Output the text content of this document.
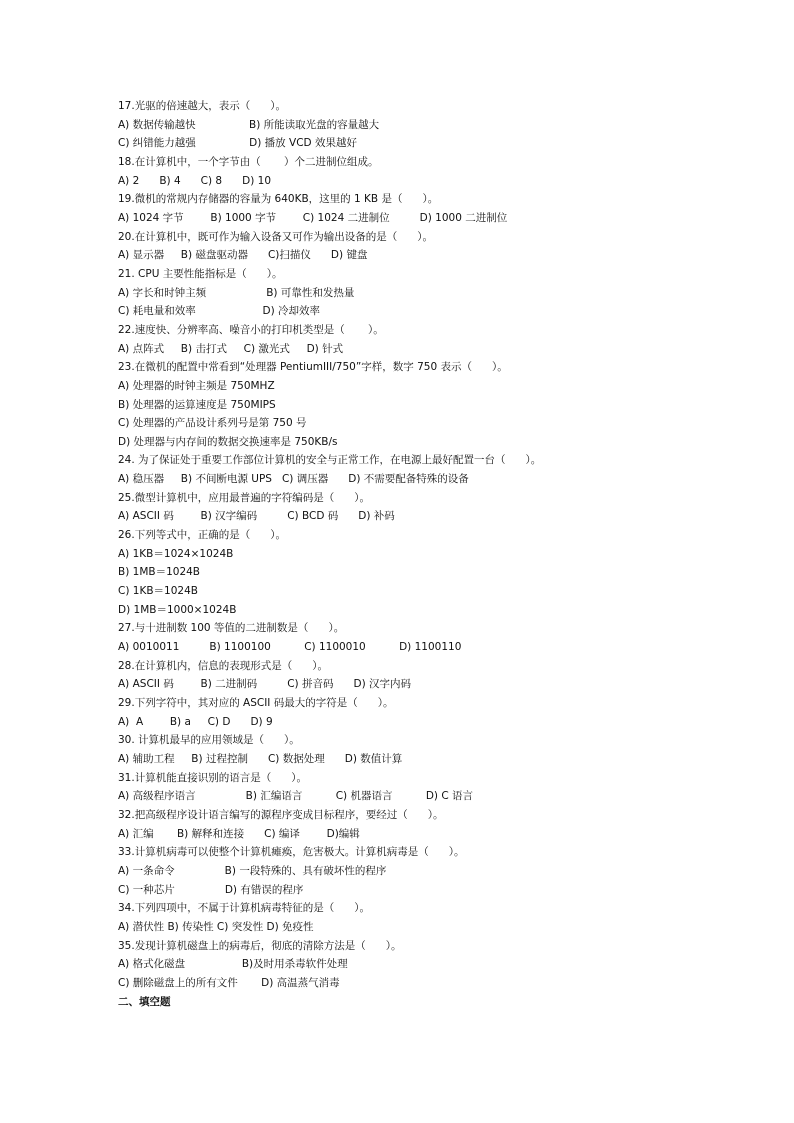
17.光驱的倍速越大，表示（      ）。
A) 数据传输越快                B) 所能读取光盘的容量越大
C) 纠错能力越强                D) 播放 VCD 效果越好
18.在计算机中，一个字节由（       ）个二进制位组成。
A) 2      B) 4      C) 8      D) 10
19.微机的常规内存储器的容量为 640KB，这里的 1 KB 是（      ）。
A) 1024 字节        B) 1000 字节        C) 1024 二进制位         D) 1000 二进制位
20.在计算机中，既可作为输入设备又可作为输出设备的是（      ）。
A) 显示器     B) 磁盘驱动器      C)扫描仪      D) 键盘
21. CPU 主要性能指标是（      ）。
A) 字长和时钟主频                  B) 可靠性和发热量
C) 耗电量和效率                    D) 冷却效率
22.速度快、分辨率高、噪音小的打印机类型是（       ）。
A) 点阵式     B) 击打式     C) 激光式     D) 针式
23.在微机的配置中常看到“处理器 PentiumIII/750”字样，数字 750 表示（      ）。
A) 处理器的时钟主频是 750MHZ
B) 处理器的运算速度是 750MIPS
C) 处理器的产品设计系列号是第 750 号
D) 处理器与内存间的数据交换速率是 750KB/s
24. 为了保证处于重要工作部位计算机的安全与正常工作，在电源上最好配置一台（      ）。
A) 稳压器     B) 不间断电源 UPS   C) 调压器      D) 不需要配备特殊的设备
25.微型计算机中，应用最普遍的字符编码是（      ）。
A) ASCII 码        B) 汉字编码         C) BCD 码      D) 补码
26.下列等式中，正确的是（      ）。
A) 1KB＝1024×1024B
B) 1MB＝1024B
C) 1KB＝1024B
D) 1MB＝1000×1024B
27.与十进制数 100 等值的二进制数是（      ）。
A) 0010011         B) 1100100          C) 1100010          D) 1100110
28.在计算机内，信息的表现形式是（      ）。
A) ASCII 码        B) 二进制码         C) 拼音码      D) 汉字内码
29.下列字符中，其对应的 ASCII 码最大的字符是（      ）。
A)  A        B) a     C) D      D) 9
30. 计算机最早的应用领域是（      ）。
A) 辅助工程     B) 过程控制      C) 数据处理      D) 数值计算
31.计算机能直接识别的语言是（      ）。
A) 高级程序语言               B) 汇编语言          C) 机器语言          D) C 语言
32.把高级程序设计语言编写的源程序变成目标程序，要经过（      ）。
A) 汇编       B) 解释和连接      C) 编译        D)编辑
33.计算机病毒可以使整个计算机瘫痪，危害极大。计算机病毒是（      ）。
A) 一条命令               B) 一段特殊的、具有破坏性的程序
C) 一种芯片               D) 有错误的程序
34.下列四项中，不属于计算机病毒特征的是（      ）。
A) 潜伏性 B) 传染性 C) 突发性 D) 免疫性
35.发现计算机磁盘上的病毒后，彻底的清除方法是（      ）。
A) 格式化磁盘                 B)及时用杀毒软件处理
C) 删除磁盘上的所有文件       D) 高温蒸气消毒
二、填空题
